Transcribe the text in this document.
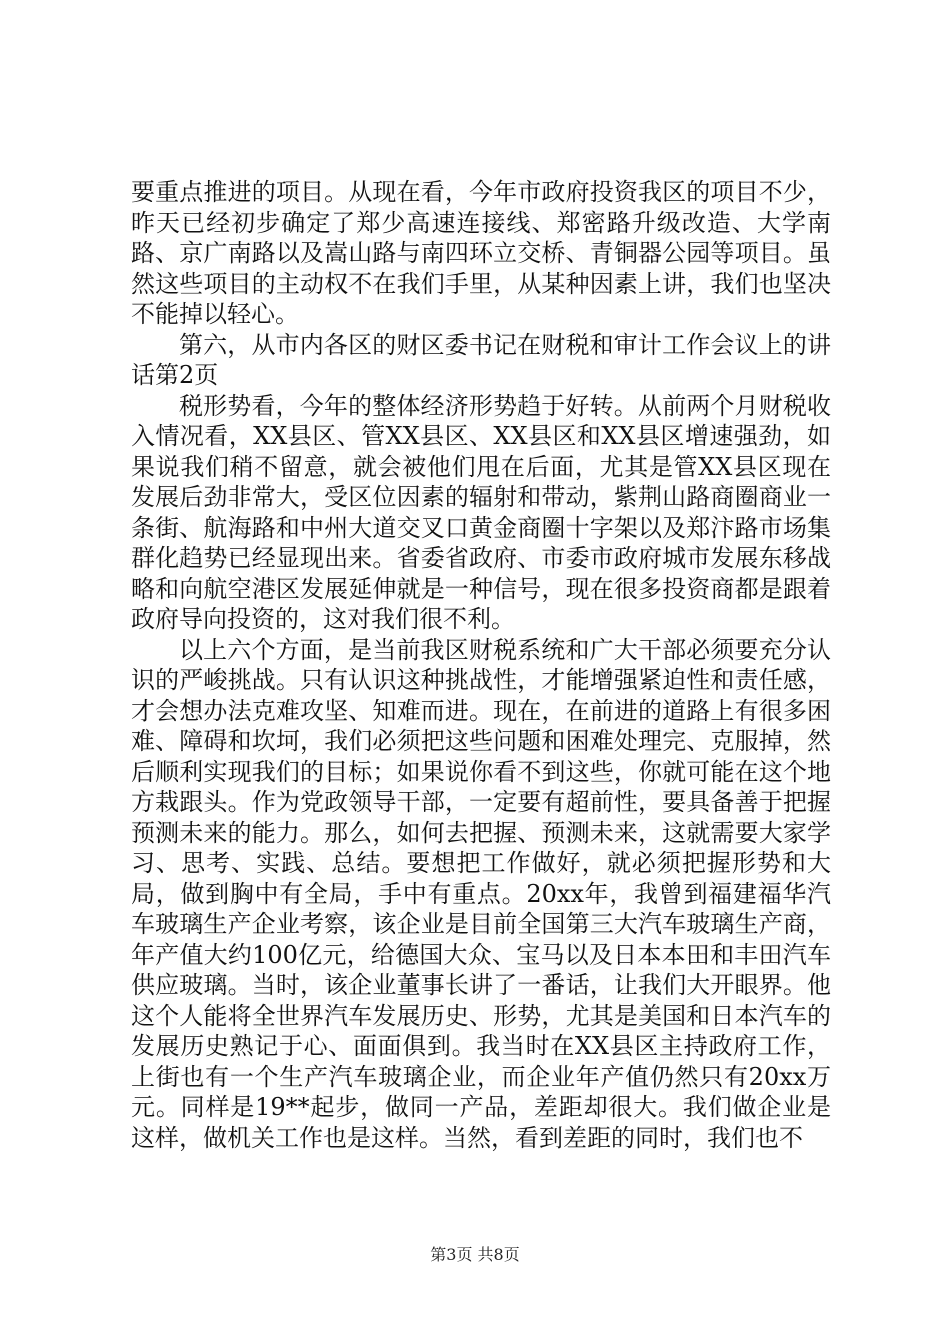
要重点推进的项目。从现在看，今年市政府投资我区的项目不少，昨天已经初步确定了郑少高速连接线、郑密路升级改造、大学南路、京广南路以及嵩山路与南四环立交桥、青铜器公园等项目。虽然这些项目的主动权不在我们手里，从某种因素上讲，我们也坚决不能掉以轻心。

第六，从市内各区的财区委书记在财税和审计工作会议上的讲话第2页

税形势看，今年的整体经济形势趋于好转。从前两个月财税收入情况看，XX县区、管XX县区、XX县区和XX县区增速强劲，如果说我们稍不留意，就会被他们甩在后面，尤其是管XX县区现在发展后劲非常大，受区位因素的辐射和带动，紫荆山路商圈商业一条街、航海路和中州大道交叉口黄金商圈十字架以及郑汴路市场集群化趋势已经显现出来。省委省政府、市委市政府城市发展东移战略和向航空港区发展延伸就是一种信号，现在很多投资商都是跟着政府导向投资的，这对我们很不利。

以上六个方面，是当前我区财税系统和广大干部必须要充分认识的严峻挑战。只有认识这种挑战性，才能增强紧迫性和责任感，才会想办法克难攻坚、知难而进。现在，在前进的道路上有很多困难、障碍和坎坷，我们必须把这些问题和困难处理完、克服掉，然后顺利实现我们的目标；如果说你看不到这些，你就可能在这个地方栽跟头。作为党政领导干部，一定要有超前性，要具备善于把握预测未来的能力。那么，如何去把握、预测未来，这就需要大家学习、思考、实践、总结。要想把工作做好，就必须把握形势和大局，做到胸中有全局，手中有重点。20xx年，我曾到福建福华汽车玻璃生产企业考察，该企业是目前全国第三大汽车玻璃生产商，年产值大约100亿元，给德国大众、宝马以及日本本田和丰田汽车供应玻璃。当时，该企业董事长讲了一番话，让我们大开眼界。他这个人能将全世界汽车发展历史、形势，尤其是美国和日本汽车的发展历史熟记于心、面面俱到。我当时在XX县区主持政府工作，上街也有一个生产汽车玻璃企业，而企业年产值仍然只有20xx万元。同样是19**起步，做同一产品，差距却很大。我们做企业是这样，做机关工作也是这样。当然，看到差距的同时，我们也不

第3页 共8页
